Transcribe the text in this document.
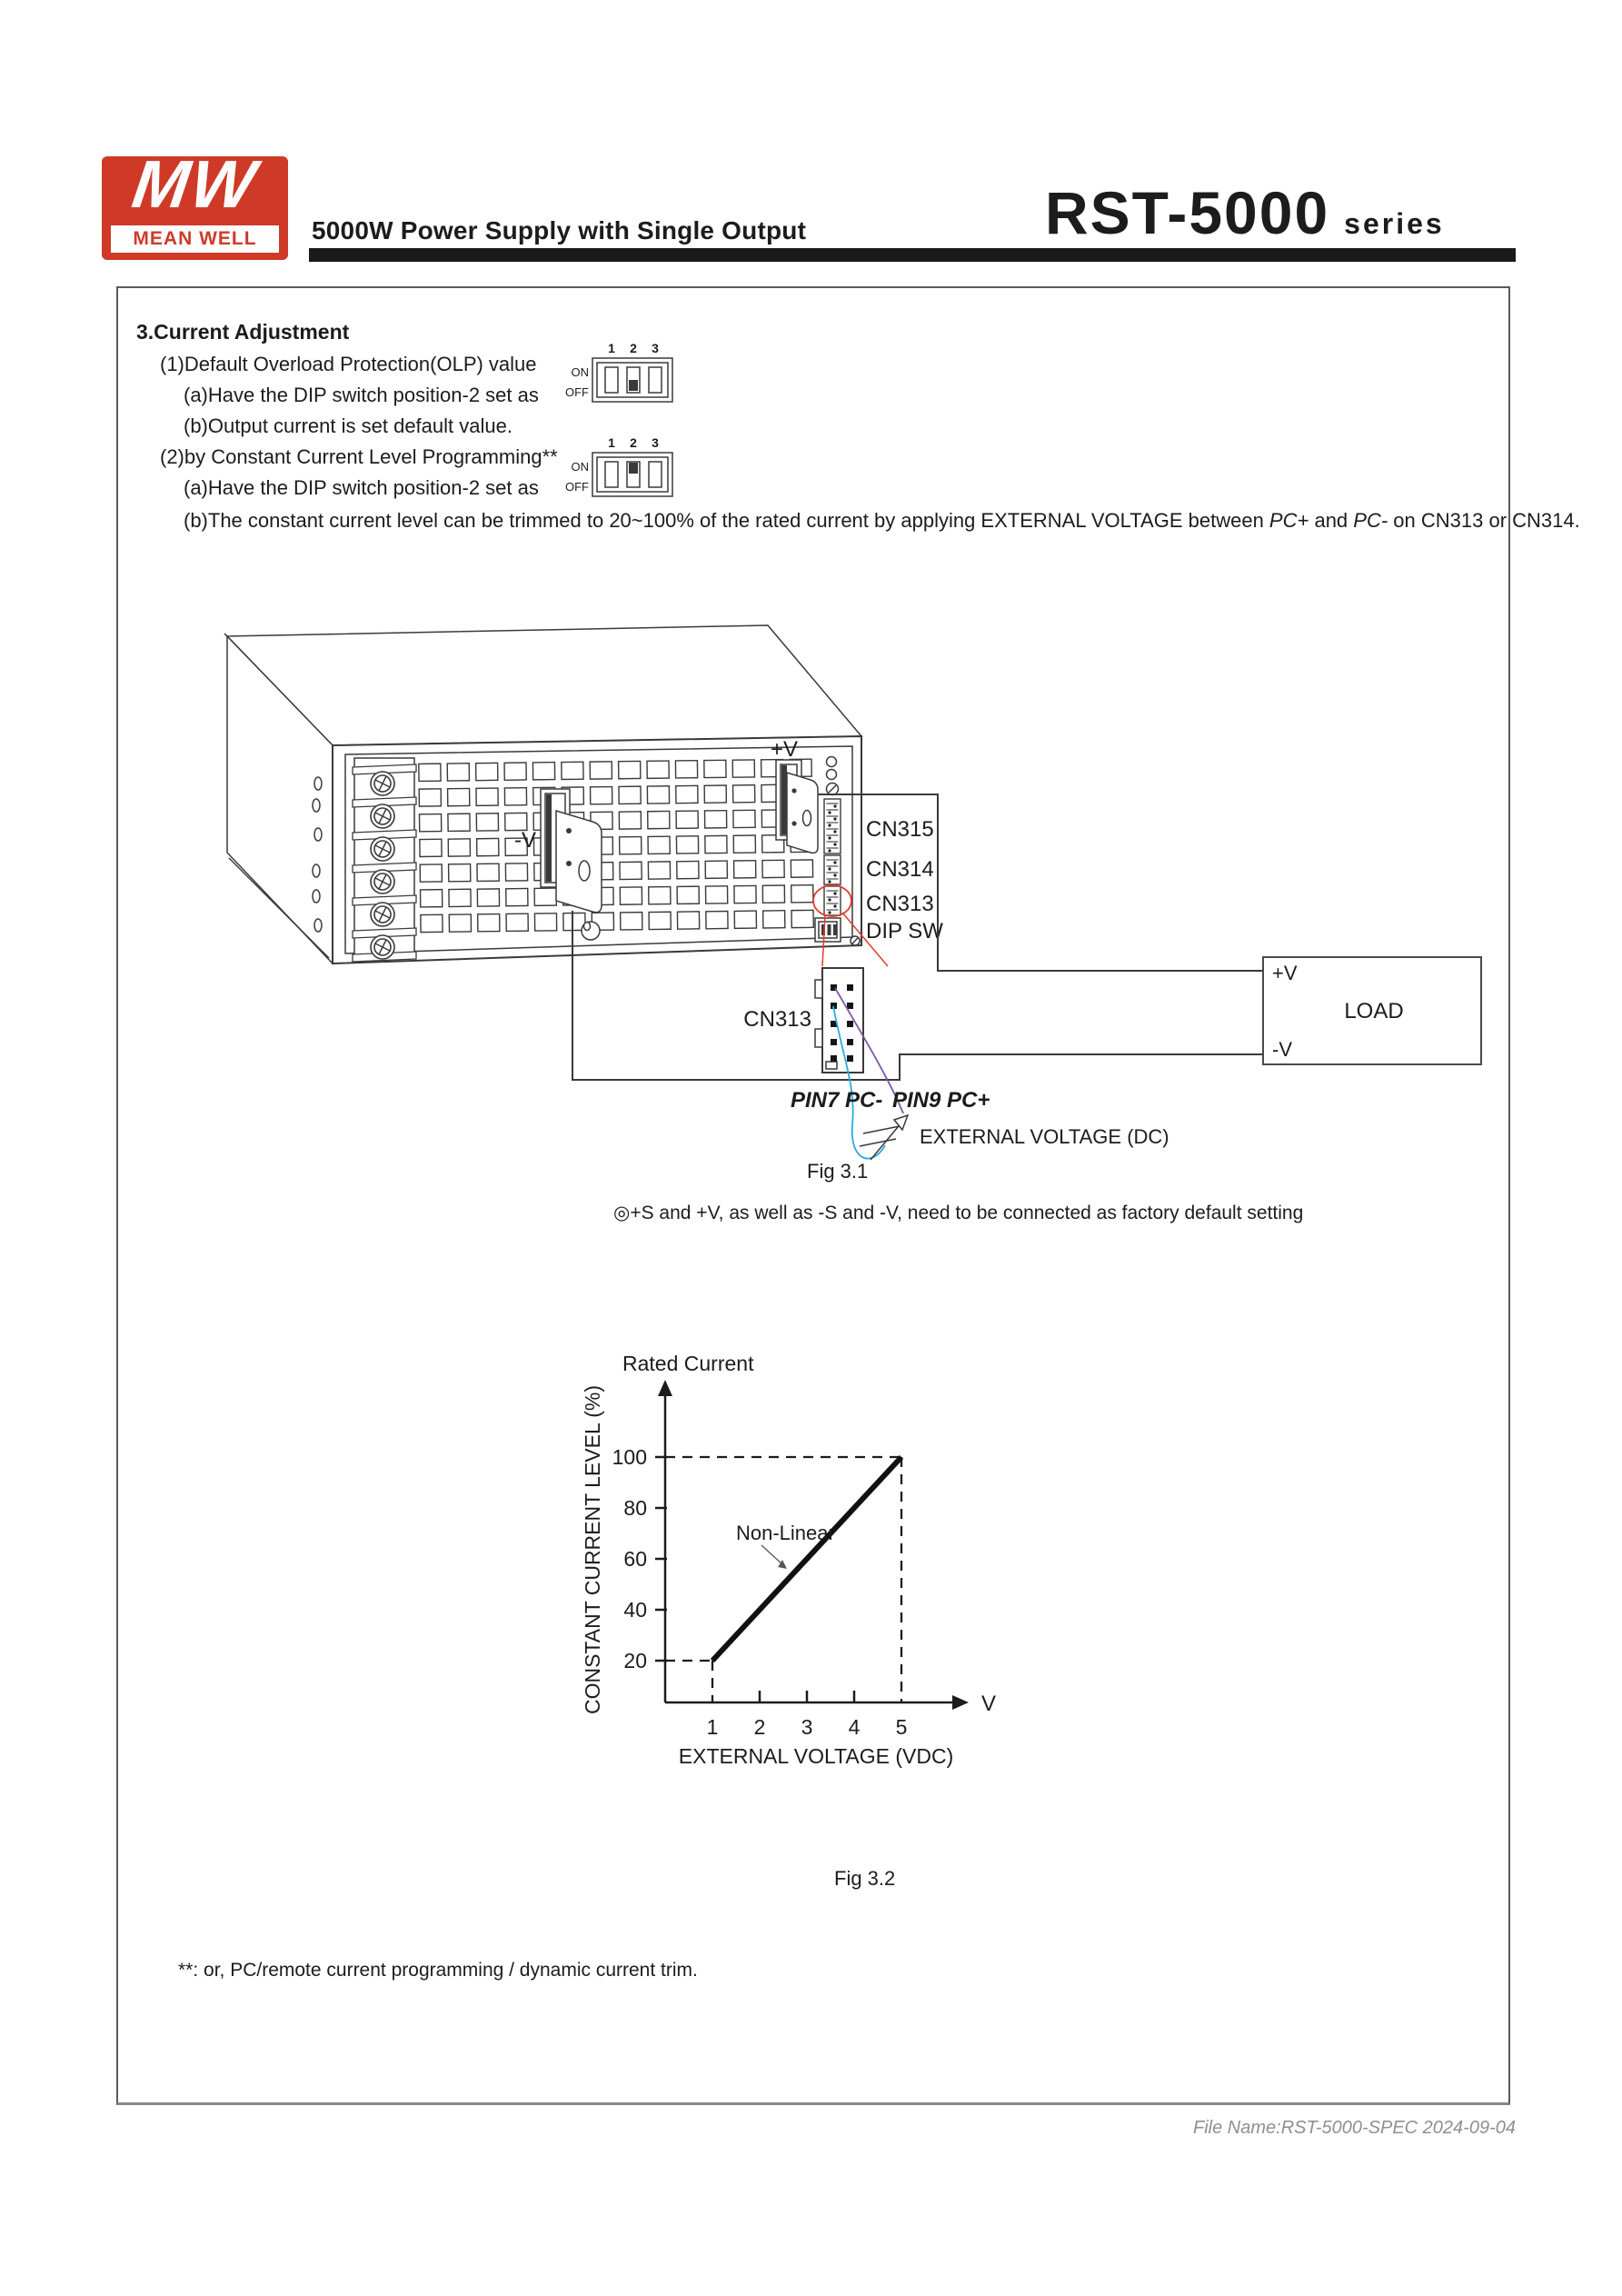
MW
MEAN WELL 5000W Power Supply with Single Output	RST-5000 series
3.Current Adjustment
(1)Default Overload Protection(OLP) value
(a)Have the DIP switch position-2 set as
(b)Output current is set default value.
(2)by Constant Current Level Programming**
(a)Have the DIP switch position-2 set as
(b)The constant current level can be trimmed to 20~100% of the rated current by applying EXTERNAL VOLTAGE between PC+ and PC- on CN313 or CN314.
◎+S and +V, as well as -S and -V, need to be connected as factory default setting
**: or, PC/remote current programming / dynamic current trim.
File Name:RST-5000-SPEC 2024-09-04
1 2 3
ON
OFF
1 2 3
ON
OFF
-V
+V
CN315
CN314
CN313
DIP SW
+V
-V
LOAD
CN313
PIN7 PC- PIN9 PC+
EXTERNAL VOLTAGE (DC)
Fig 3.1
20
40
60
80
100
1 2 3 4 5
Rated Current
CONSTANT CURRENT LEVEL (%)	V
EXTERNAL VOLTAGE (VDC)
Non-Linear
Fig 3.2
